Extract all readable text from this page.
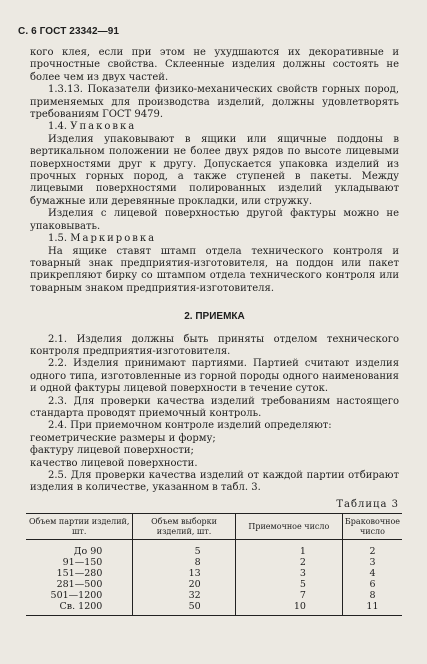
С. 6 ГОСТ 23342—91

кого клея, если при этом не ухудшаются их декоративные и прочностные свойства. Склеенные изделия должны состоять не более чем из двух частей.

1.3.13. Показатели физико-механических свойств горных пород, применяемых для производства изделий, должны удовлетворять требованиям ГОСТ 9479.

1.4. Упаковка

Изделия упаковывают в ящики или ящичные поддоны в вертикальном положении не более двух рядов по высоте лицевыми поверхностями друг к другу. Допускается упаковка изделий из прочных горных пород, а также ступеней в пакеты. Между лицевыми поверхностями полированных изделий укладывают бумажные или деревянные прокладки, или стружку.

Изделия с лицевой поверхностью другой фактуры можно не упаковывать.

1.5. Маркировка

На ящике ставят штамп отдела технического контроля и товарный знак предприятия-изготовителя, на поддон или пакет прикрепляют бирку со штампом отдела технического контроля или товарным знаком предприятия-изготовителя.

2. ПРИЕМКА

2.1. Изделия должны быть приняты отделом технического контроля предприятия-изготовителя.

2.2. Изделия принимают партиями. Партией считают изделия одного типа, изготовленные из горной породы одного наименования и одной фактуры лицевой поверхности в течение суток.

2.3. Для проверки качества изделий требованиям настоящего стандарта проводят приемочный контроль.

2.4. При приемочном контроле изделий определяют:

геометрические размеры и форму;

фактуру лицевой поверхности;

качество лицевой поверхности.

2.5. Для проверки качества изделий от каждой партии отбирают изделия в количестве, указанном в табл. 3.

Таблица 3
Объем партии изделий, шт.	Объем выборки изделий, шт.	Приемочное число	Браковочное число
До 90	5	1	2
91—150	8	2	3
151—280	13	3	4
281—500	20	5	6
501—1200	32	7	8
Св. 1200	50	10	11
